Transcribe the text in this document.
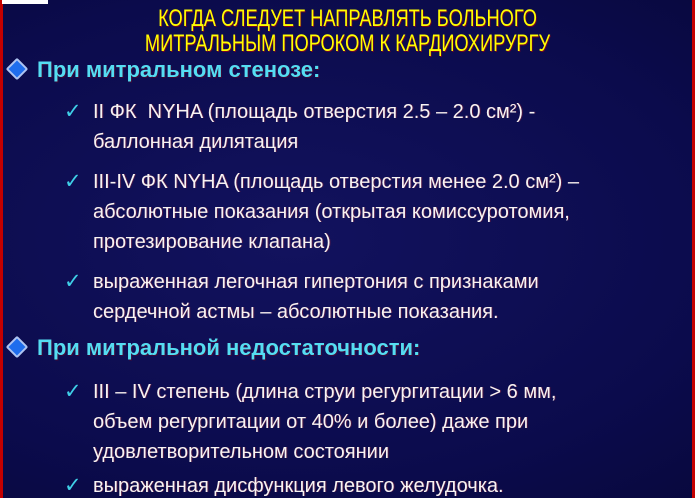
КОГДА СЛЕДУЕТ НАПРАВЛЯТЬ БОЛЬНОГО
МИТРАЛЬНЫМ ПОРОКОМ К КАРДИОХИРУРГУ
При митральном стенозе:
✓ II ФК  NYHA (площадь отверстия 2.5 – 2.0 см²) -
баллонная дилятация
✓ III-IV ФК NYHA (площадь отверстия менее 2.0 см²) –
абсолютные показания (открытая комиссуротомия,
протезирование клапана)
✓ выраженная легочная гипертония с признаками
сердечной астмы – абсолютные показания.
При митральной недостаточности:
✓ III – IV степень (длина струи регургитации > 6 мм,
объем регургитации от 40% и более) даже при
удовлетворительном состоянии
✓ выраженная дисфункция левого желудочка.
